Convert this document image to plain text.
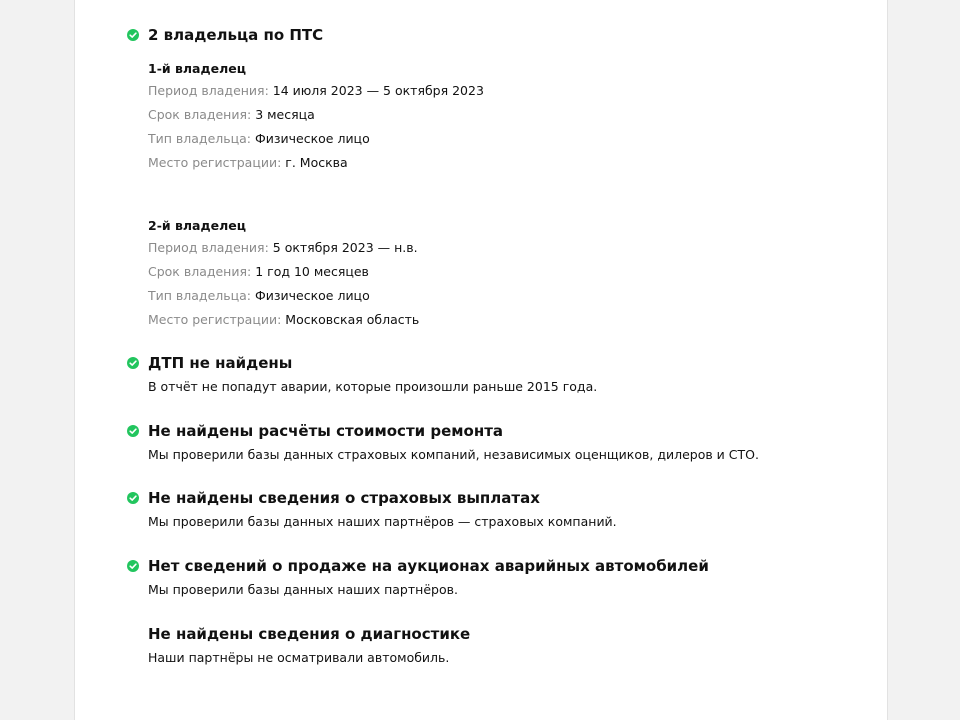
2 владельца по ПТС
1-й владелец
Период владения: 14 июля 2023 — 5 октября 2023
Срок владения: 3 месяца
Тип владельца: Физическое лицо
Место регистрации: г. Москва
2-й владелец
Период владения: 5 октября 2023 — н.в.
Срок владения: 1 год 10 месяцев
Тип владельца: Физическое лицо
Место регистрации: Московская область
ДТП не найдены
В отчёт не попадут аварии, которые произошли раньше 2015 года.
Не найдены расчёты стоимости ремонта
Мы проверили базы данных страховых компаний, независимых оценщиков, дилеров и СТО.
Не найдены сведения о страховых выплатах
Мы проверили базы данных наших партнёров — страховых компаний.
Нет сведений о продаже на аукционах аварийных автомобилей
Мы проверили базы данных наших партнёров.
Не найдены сведения о диагностике
Наши партнёры не осматривали автомобиль.
